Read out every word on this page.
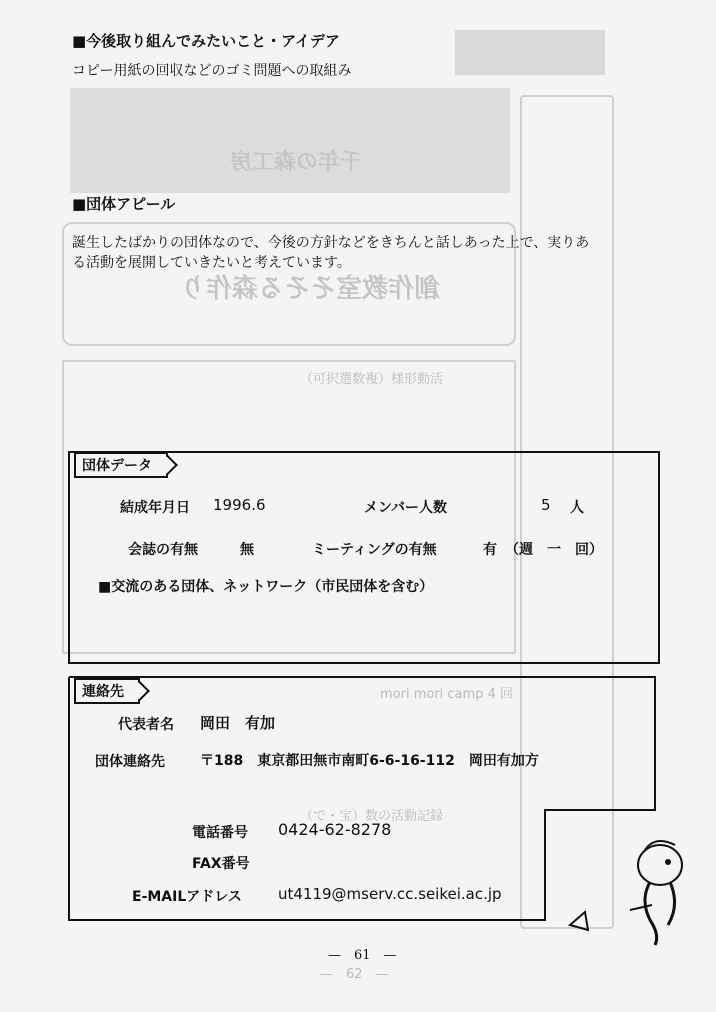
千年の森工房
創作教室そそる森作り
（可択選数複）様形動活
mori mori camp 4 回
（で・宝）数の活動記録
—　62　—
■今後取り組んでみたいこと・アイデア
コピー用紙の回収などのゴミ問題への取組み
■団体アピール
誕生したばかりの団体なので、今後の方針などをきちんと話しあった上で、実りあ
る活動を展開していきたいと考えています。
団体データ
結成年月日 1996.6	メンバー人数	5 人
会誌の有無	無	ミーティングの有無	有 （週　一　回）
■交流のある団体、ネットワーク（市民団体を含む）
連絡先
代表者名 岡田　有加
団体連絡先	〒188　東京都田無市南町6-6-16-112　岡田有加方
電話番号 0424-62-8278
FAX番号
E-MAILアドレス ut4119@mserv.cc.seikei.ac.jp
—　61　—
